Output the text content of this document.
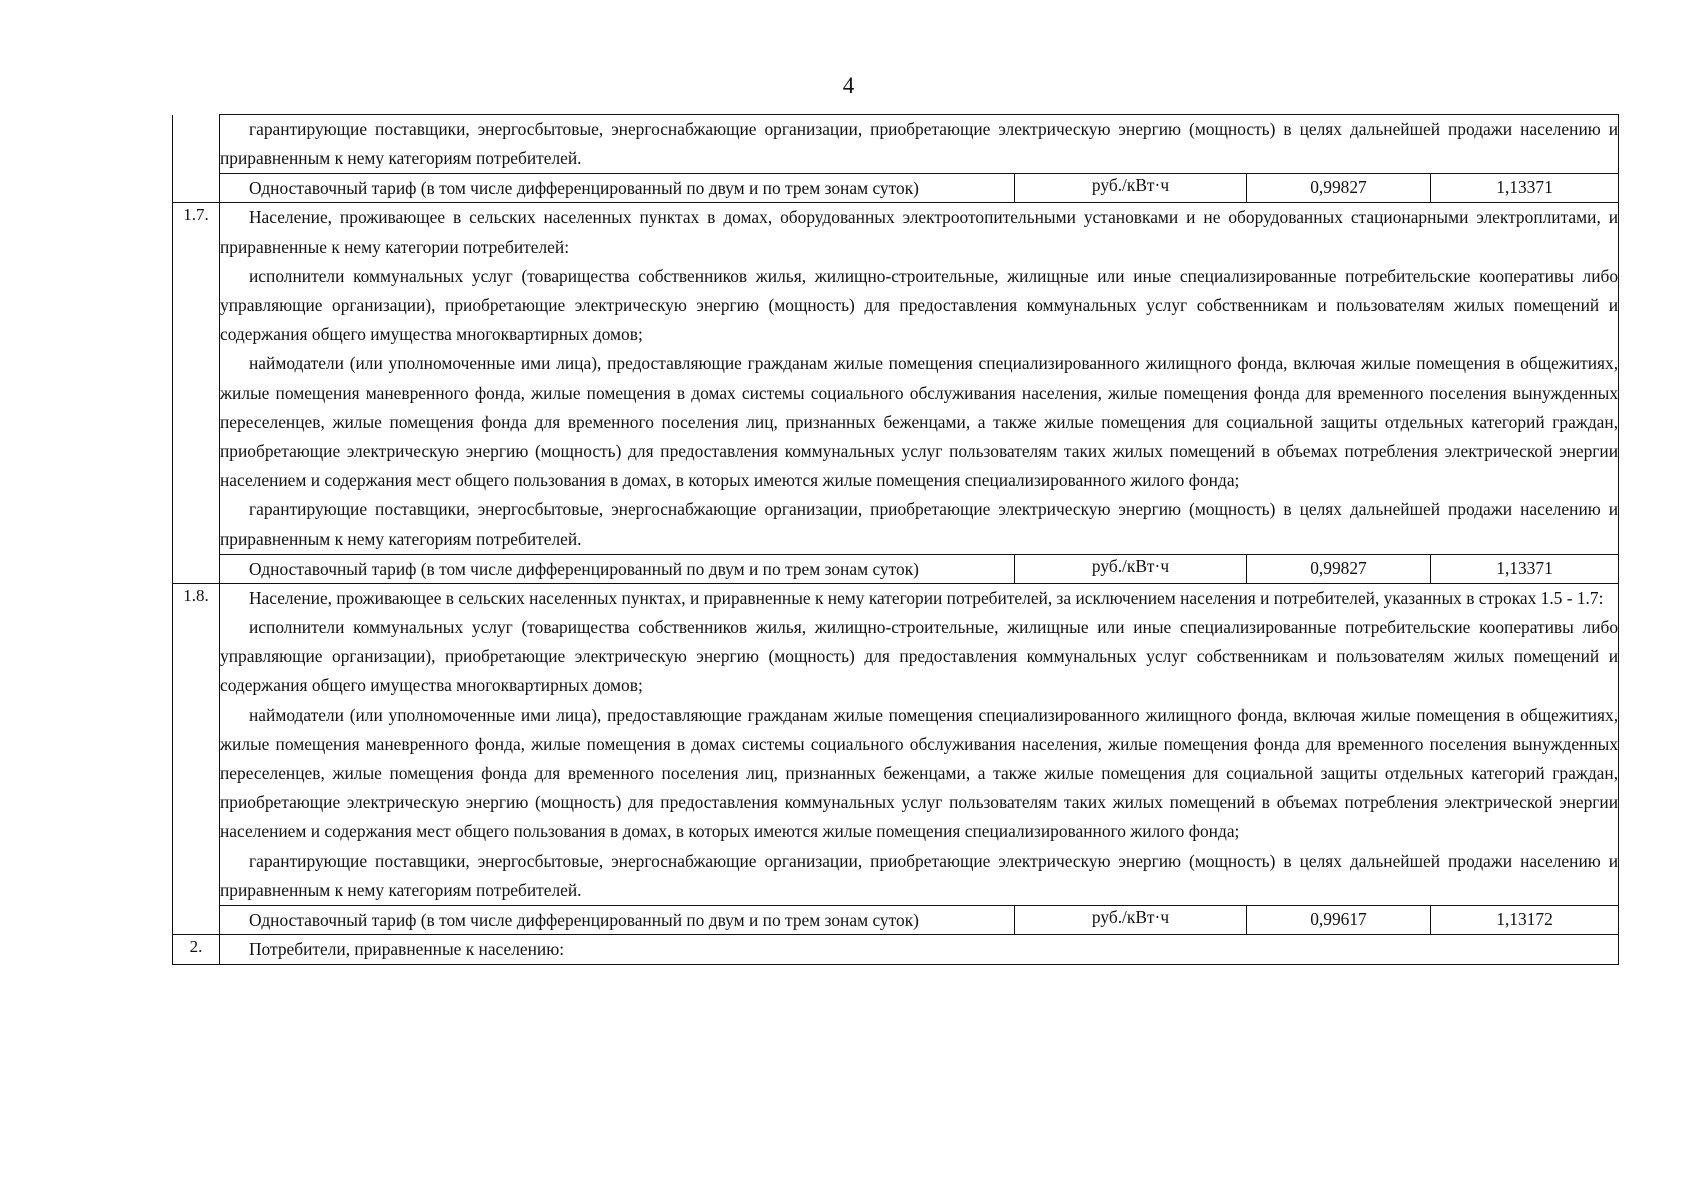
4

	гарантирующие поставщики, энергосбытовые, энергоснабжающие организации, приобретающие электрическую энергию (мощность) в целях дальнейшей продажи населению и приравненным к нему категориям потребителей.			

	Одноставочный тариф (в том числе дифференцированный по двум и по трем зонам суток)	руб./кВт·ч	0,99827	1,13371
1.7.	Население, проживающее в сельских населенных пунктах в домах, оборудованных электроотопительными установками и не оборудованных стационарными электроплитами, и приравненные к нему категории потребителей:

исполнители коммунальных услуг (товарищества собственников жилья, жилищно-строительные, жилищные или иные специализированные потребительские кооперативы либо управляющие организации), приобретающие электрическую энергию (мощность) для предоставления коммунальных услуг собственникам и пользователям жилых помещений и содержания общего имущества многоквартирных домов;

наймодатели (или уполномоченные ими лица), предоставляющие гражданам жилые помещения специализированного жилищного фонда, включая жилые помещения в общежитиях, жилые помещения маневренного фонда, жилые помещения в домах системы социального обслуживания населения, жилые помещения фонда для временного поселения вынужденных переселенцев, жилые помещения фонда для временного поселения лиц, признанных беженцами, а также жилые помещения для социальной защиты отдельных категорий граждан, приобретающие электрическую энергию (мощность) для предоставления коммунальных услуг пользователям таких жилых помещений в объемах потребления электрической энергии населением и содержания мест общего пользования в домах, в которых имеются жилые помещения специализированного жилого фонда;

гарантирующие поставщики, энергосбытовые, энергоснабжающие организации, приобретающие электрическую энергию (мощность) в целях дальнейшей продажи населению и приравненным к нему категориям потребителей.			

	Одноставочный тариф (в том числе дифференцированный по двум и по трем зонам суток)	руб./кВт·ч	0,99827	1,13371
1.8.	Население, проживающее в сельских населенных пунктах, и приравненные к нему категории потребителей, за исключением населения и потребителей, указанных в строках 1.5 - 1.7:

исполнители коммунальных услуг (товарищества собственников жилья, жилищно-строительные, жилищные или иные специализированные потребительские кооперативы либо управляющие организации), приобретающие электрическую энергию (мощность) для предоставления коммунальных услуг собственникам и пользователям жилых помещений и содержания общего имущества многоквартирных домов;

наймодатели (или уполномоченные ими лица), предоставляющие гражданам жилые помещения специализированного жилищного фонда, включая жилые помещения в общежитиях, жилые помещения маневренного фонда, жилые помещения в домах системы социального обслуживания населения, жилые помещения фонда для временного поселения вынужденных переселенцев, жилые помещения фонда для временного поселения лиц, признанных беженцами, а также жилые помещения для социальной защиты отдельных категорий граждан, приобретающие электрическую энергию (мощность) для предоставления коммунальных услуг пользователям таких жилых помещений в объемах потребления электрической энергии населением и содержания мест общего пользования в домах, в которых имеются жилые помещения специализированного жилого фонда;

гарантирующие поставщики, энергосбытовые, энергоснабжающие организации, приобретающие электрическую энергию (мощность) в целях дальнейшей продажи населению и приравненным к нему категориям потребителей.			

	Одноставочный тариф (в том числе дифференцированный по двум и по трем зонам суток)	руб./кВт·ч	0,99617	1,13172
2.	Потребители, приравненные к населению:			
